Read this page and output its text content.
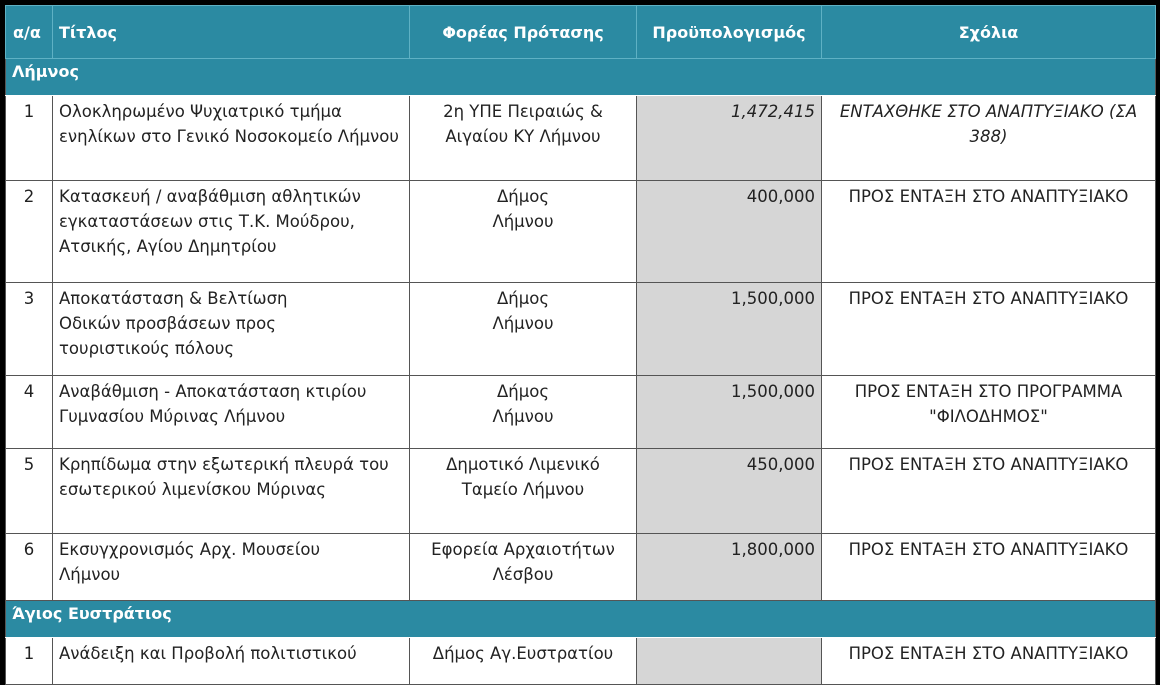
α/α	Τίτλος	Φορέας Πρότασης	Προϋπολογισμός	Σχόλια
Λήμνος				
1	Ολοκληρωμένο Ψυχιατρικό τμήμα ενηλίκων στο Γενικό Νοσοκομείο Λήμνου	2η ΥΠΕ Πειραιώς & Αιγαίου ΚΥ Λήμνου	1,472,415	ΕΝΤΑΧΘΗΚΕ ΣΤΟ ΑΝΑΠΤΥΞΙΑΚΟ (ΣΑ 388)
2	Κατασκευή / αναβάθμιση αθλητικών εγκαταστάσεων στις Τ.Κ. Μούδρου, Ατσικής, Αγίου Δημητρίου	Δήμος Λήμνου	400,000	ΠΡΟΣ ΕΝΤΑΞΗ ΣΤΟ ΑΝΑΠΤΥΞΙΑΚΟ
3	Αποκατάσταση & Βελτίωση Οδικών προσβάσεων προς τουριστικούς πόλους	Δήμος Λήμνου	1,500,000	ΠΡΟΣ ΕΝΤΑΞΗ ΣΤΟ ΑΝΑΠΤΥΞΙΑΚΟ
4	Αναβάθμιση - Αποκατάσταση κτιρίου Γυμνασίου Μύρινας Λήμνου	Δήμος Λήμνου	1,500,000	ΠΡΟΣ ΕΝΤΑΞΗ ΣΤΟ ΠΡΟΓΡΑΜΜΑ "ΦΙΛΟΔΗΜΟΣ"
5	Κρηπίδωμα στην εξωτερική πλευρά του εσωτερικού λιμενίσκου Μύρινας	Δημοτικό Λιμενικό Ταμείο Λήμνου	450,000	ΠΡΟΣ ΕΝΤΑΞΗ ΣΤΟ ΑΝΑΠΤΥΞΙΑΚΟ
6	Εκσυγχρονισμός Αρχ. Μουσείου Λήμνου	Εφορεία Αρχαιοτήτων Λέσβου	1,800,000	ΠΡΟΣ ΕΝΤΑΞΗ ΣΤΟ ΑΝΑΠΤΥΞΙΑΚΟ
Άγιος Ευστράτιος				
1	Ανάδειξη και Προβολή πολιτιστικού	Δήμος Αγ.Ευστρατίου		ΠΡΟΣ ΕΝΤΑΞΗ ΣΤΟ ΑΝΑΠΤΥΞΙΑΚΟ
